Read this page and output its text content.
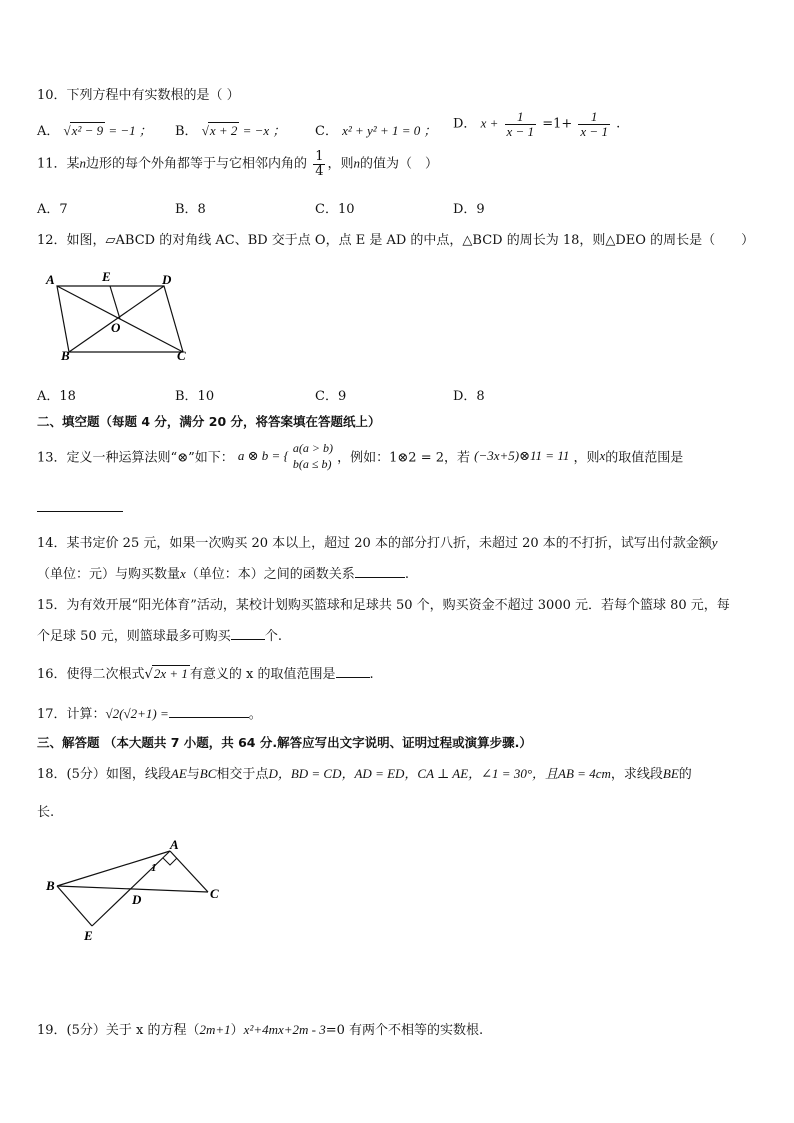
10．下列方程中有实数根的是（ ）
A． √x² − 9 = −1 ； B． √x + 2 = −x ； C． x² + y² + 1 = 0 ； D． $x + \frac{1}{x - 1} =1+ \frac{1}{x - 1}$ .
11．某n边形的每个外角都等于与它相邻内角的 $\frac{1}{4}$ ，则n的值为（　）
A．7	B．8	C．10	D．9
12．如图，▱ABCD 的对角线 AC、BD 交于点 O，点 E 是 AD 的中点，△BCD 的周长为 18，则△DEO 的周长是（　　）
A	E	D
O
B	C
A．18	B．10	C．9	D．8
二、填空题（每题 4 分，满分 20 分，将答案填在答题纸上）
13．定义一种运算法则“⊗”如下： a ⊗ b = {
a(a > b)
b(a ≤ b) ，例如：1⊗2 = 2，若 (−3x+5)⊗11 = 11 ，则x的取值范围是
14．某书定价 25 元，如果一次购买 20 本以上，超过 20 本的部分打八折，未超过 20 本的不打折，试写出付款金额y
（单位：元）与购买数量x（单位：本）之间的函数关系	.
15．为有效开展“阳光体育”活动，某校计划购买篮球和足球共 50 个，购买资金不超过 3000 元．若每个篮球 80 元，每
个足球 50 元，则篮球最多可购买	个.
16．使得二次根式√2x + 1 有意义的 x 的取值范围是	.
17．计算：√2(√2+1) =	。
三、解答题 （本大题共 7 小题，共 64 分.解答应写出文字说明、证明过程或演算步骤.）
18．(5分）如图，线段AE与BC相交于点D，BD = CD，AD = ED，CA ⊥ AE，∠1 = 30°，且AB = 4cm，求线段BE的
长.
A
1
B
D	C
E
19．(5分）关于 x 的方程（2m+1）x²+4mx+2m - 3=0 有两个不相等的实数根.
